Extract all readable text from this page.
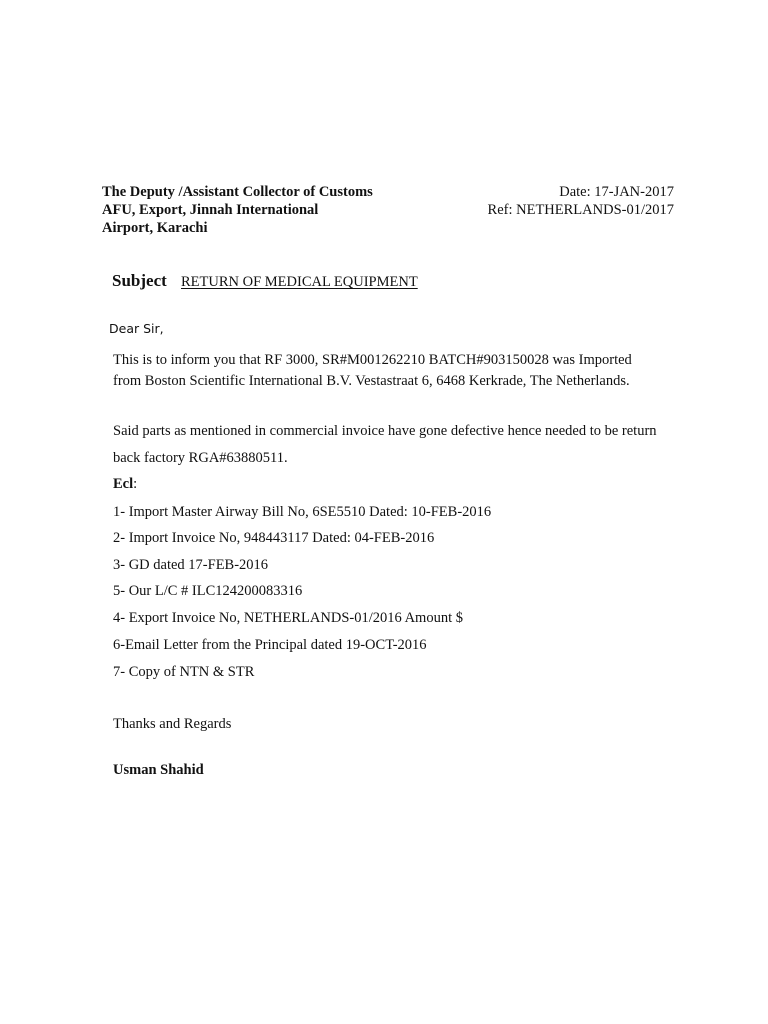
The Deputy /Assistant Collector of Customs
AFU, Export, Jinnah International
Airport, Karachi
Date: 17-JAN-2017
Ref: NETHERLANDS-01/2017
Subject RETURN OF MEDICAL EQUIPMENT
Dear Sir,
This is to inform you that RF 3000, SR#M001262210 BATCH#903150028 was Imported
from Boston Scientific International B.V. Vestastraat 6, 6468 Kerkrade, The Netherlands.
Said parts as mentioned in commercial invoice have gone defective hence needed to be return
back factory RGA#63880511.
Ecl:
1- Import Master Airway Bill No, 6SE5510 Dated: 10-FEB-2016
2- Import Invoice No, 948443117 Dated: 04-FEB-2016
3- GD dated 17-FEB-2016
5- Our L/C # ILC124200083316
4- Export Invoice No, NETHERLANDS-01/2016 Amount $
6-Email Letter from the Principal dated 19-OCT-2016
7- Copy of NTN & STR
Thanks and Regards
Usman Shahid
